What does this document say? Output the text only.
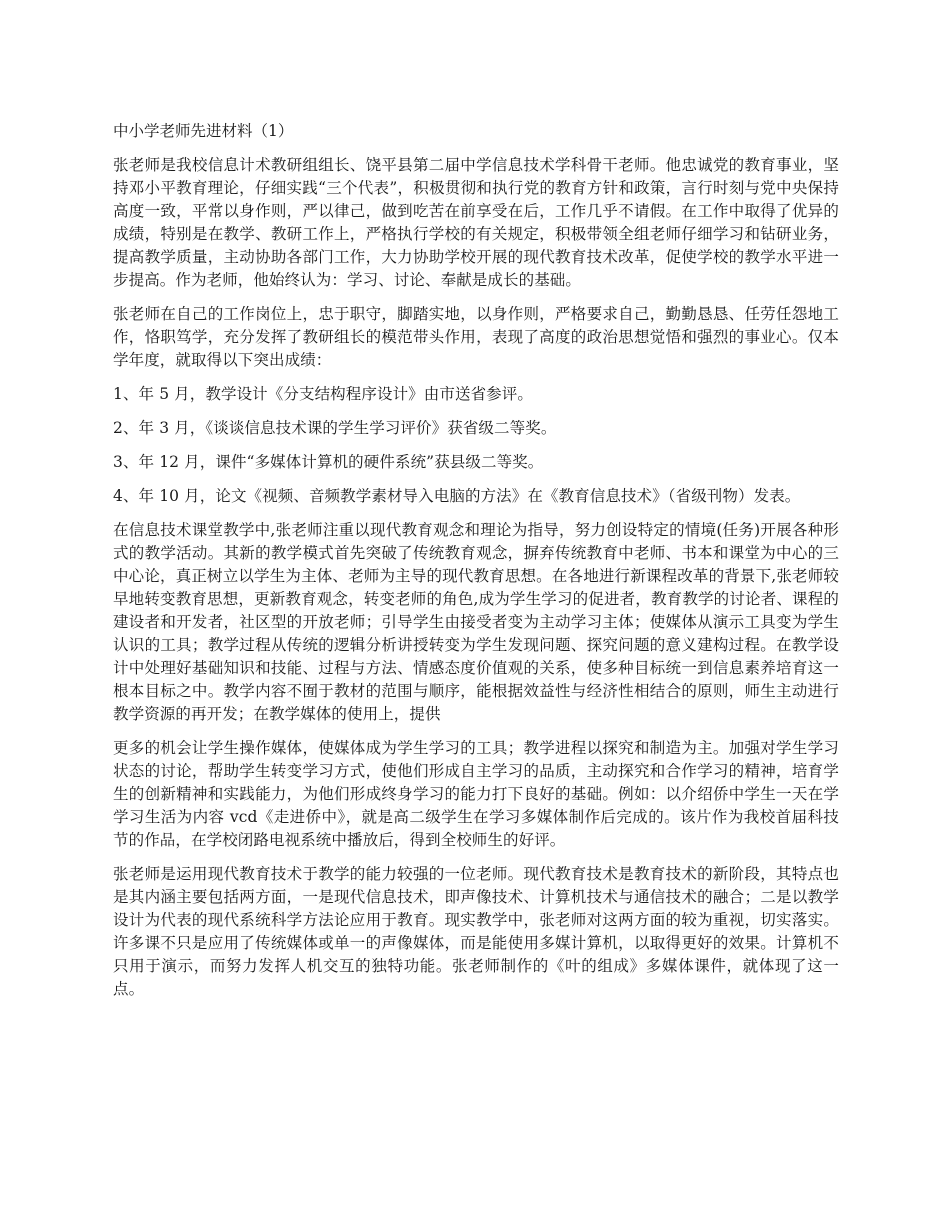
中小学老师先进材料（1）

张老师是我校信息计术教研组组长、饶平县第二届中学信息技术学科骨干老师。他忠诚党的教育事业，坚持邓小平教育理论，仔细实践“三个代表”，积极贯彻和执行党的教育方针和政策，言行时刻与党中央保持高度一致，平常以身作则，严以律己，做到吃苦在前享受在后，工作几乎不请假。在工作中取得了优异的成绩，特别是在教学、教研工作上，严格执行学校的有关规定，积极带领全组老师仔细学习和钻研业务，提高教学质量，主动协助各部门工作，大力协助学校开展的现代教育技术改革，促使学校的教学水平进一步提高。作为老师，他始终认为：学习、讨论、奉献是成长的基础。

张老师在自己的工作岗位上，忠于职守，脚踏实地，以身作则，严格要求自己，勤勤恳恳、任劳任怨地工作，恪职笃学，充分发挥了教研组长的模范带头作用，表现了高度的政治思想觉悟和强烈的事业心。仅本学年度，就取得以下突出成绩：

1、年 5 月，教学设计《分支结构程序设计》由市送省参评。

2、年 3 月，《谈谈信息技术课的学生学习评价》获省级二等奖。

3、年 12 月，课件“多媒体计算机的硬件系统”获县级二等奖。

4、年 10 月，论文《视频、音频教学素材导入电脑的方法》在《教育信息技术》（省级刊物）发表。

在信息技术课堂教学中,张老师注重以现代教育观念和理论为指导，努力创设特定的情境(任务)开展各种形式的教学活动。其新的教学模式首先突破了传统教育观念，摒弃传统教育中老师、书本和课堂为中心的三中心论，真正树立以学生为主体、老师为主导的现代教育思想。在各地进行新课程改革的背景下,张老师较早地转变教育思想，更新教育观念，转变老师的角色,成为学生学习的促进者，教育教学的讨论者、课程的建设者和开发者，社区型的开放老师；引导学生由接受者变为主动学习主体；使媒体从演示工具变为学生认识的工具；教学过程从传统的逻辑分析讲授转变为学生发现问题、探究问题的意义建构过程。在教学设计中处理好基础知识和技能、过程与方法、情感态度价值观的关系，使多种目标统一到信息素养培育这一根本目标之中。教学内容不囿于教材的范围与顺序，能根据效益性与经济性相结合的原则，师生主动进行教学资源的再开发；在教学媒体的使用上，提供

更多的机会让学生操作媒体，使媒体成为学生学习的工具；教学进程以探究和制造为主。加强对学生学习状态的讨论，帮助学生转变学习方式，使他们形成自主学习的品质，主动探究和合作学习的精神，培育学生的创新精神和实践能力，为他们形成终身学习的能力打下良好的基础。例如：以介绍侨中学生一天在学学习生活为内容 vcd《走进侨中》，就是高二级学生在学习多媒体制作后完成的。该片作为我校首届科技节的作品，在学校闭路电视系统中播放后，得到全校师生的好评。

张老师是运用现代教育技术于教学的能力较强的一位老师。现代教育技术是教育技术的新阶段，其特点也是其内涵主要包括两方面，一是现代信息技术，即声像技术、计算机技术与通信技术的融合；二是以教学设计为代表的现代系统科学方法论应用于教育。现实教学中，张老师对这两方面的较为重视，切实落实。许多课不只是应用了传统媒体或单一的声像媒体，而是能使用多媒计算机，以取得更好的效果。计算机不只用于演示，而努力发挥人机交互的独特功能。张老师制作的《叶的组成》多媒体课件，就体现了这一点。
